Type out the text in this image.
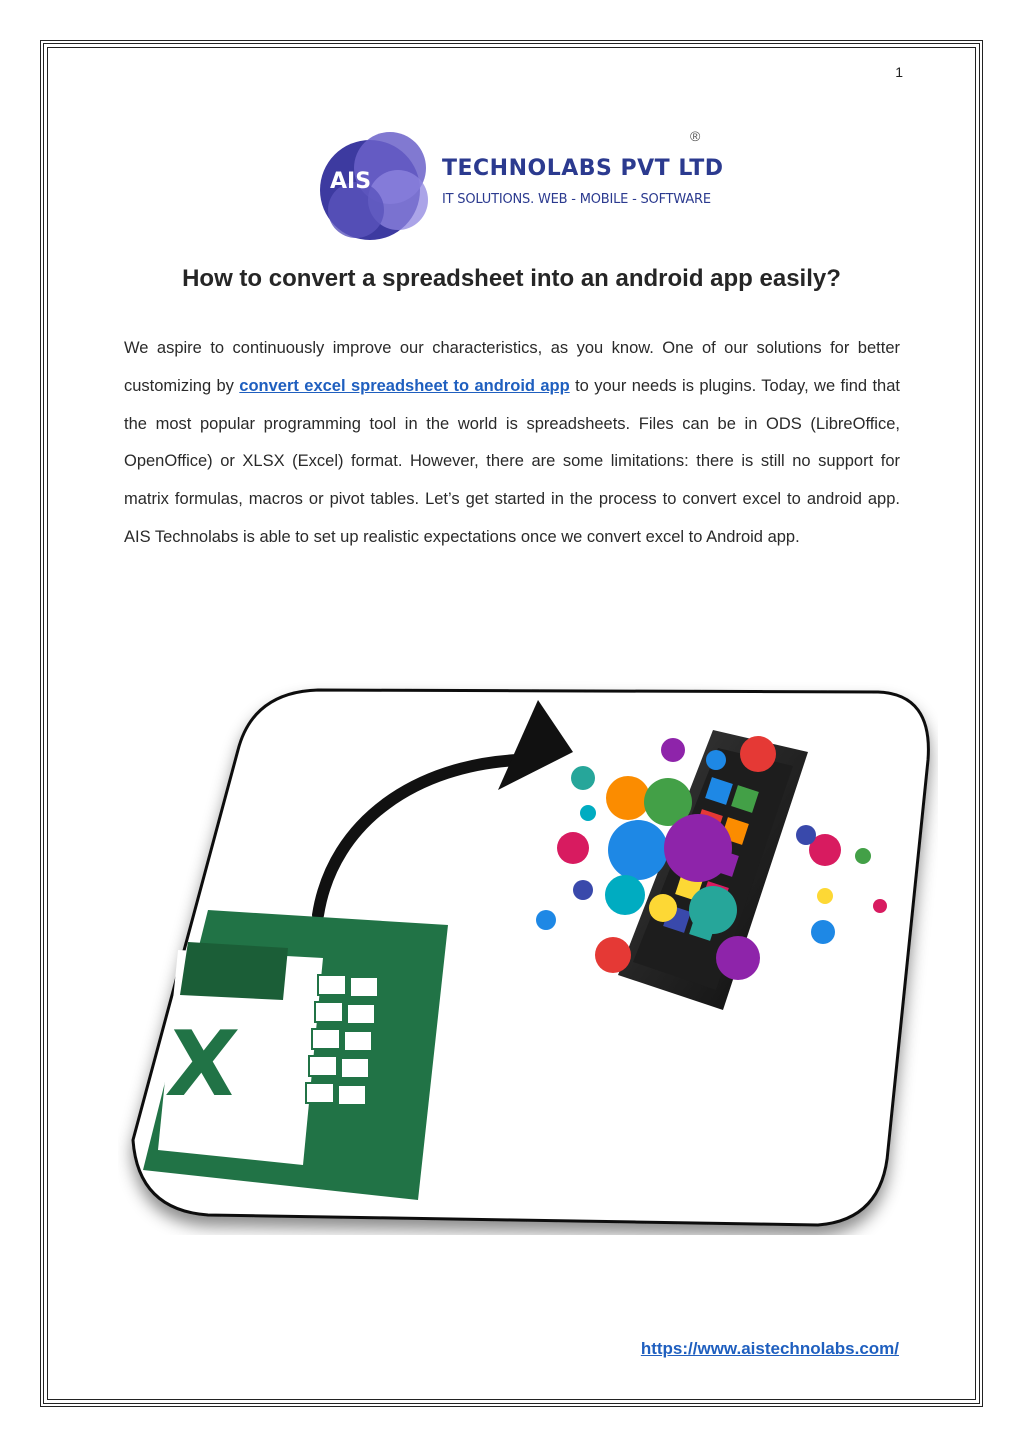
1
AIS
TECHNOLABS PVT LTD
IT SOLUTIONS. WEB - MOBILE - SOFTWARE
®
How to convert a spreadsheet into an android app easily?

We aspire to continuously improve our characteristics, as you know. One of our solutions for better customizing by convert excel spreadsheet to android app to your needs is plugins. Today, we find that the most popular programming tool in the world is spreadsheets. Files can be in ODS (LibreOffice, OpenOffice) or XLSX (Excel) format. However, there are some limitations: there is still no support for matrix formulas, macros or pivot tables. Let’s get started in the process to convert excel to android app. AIS Technolabs is able to set up realistic expectations once we convert excel to Android app.

X
https://www.aistechnolabs.com/
